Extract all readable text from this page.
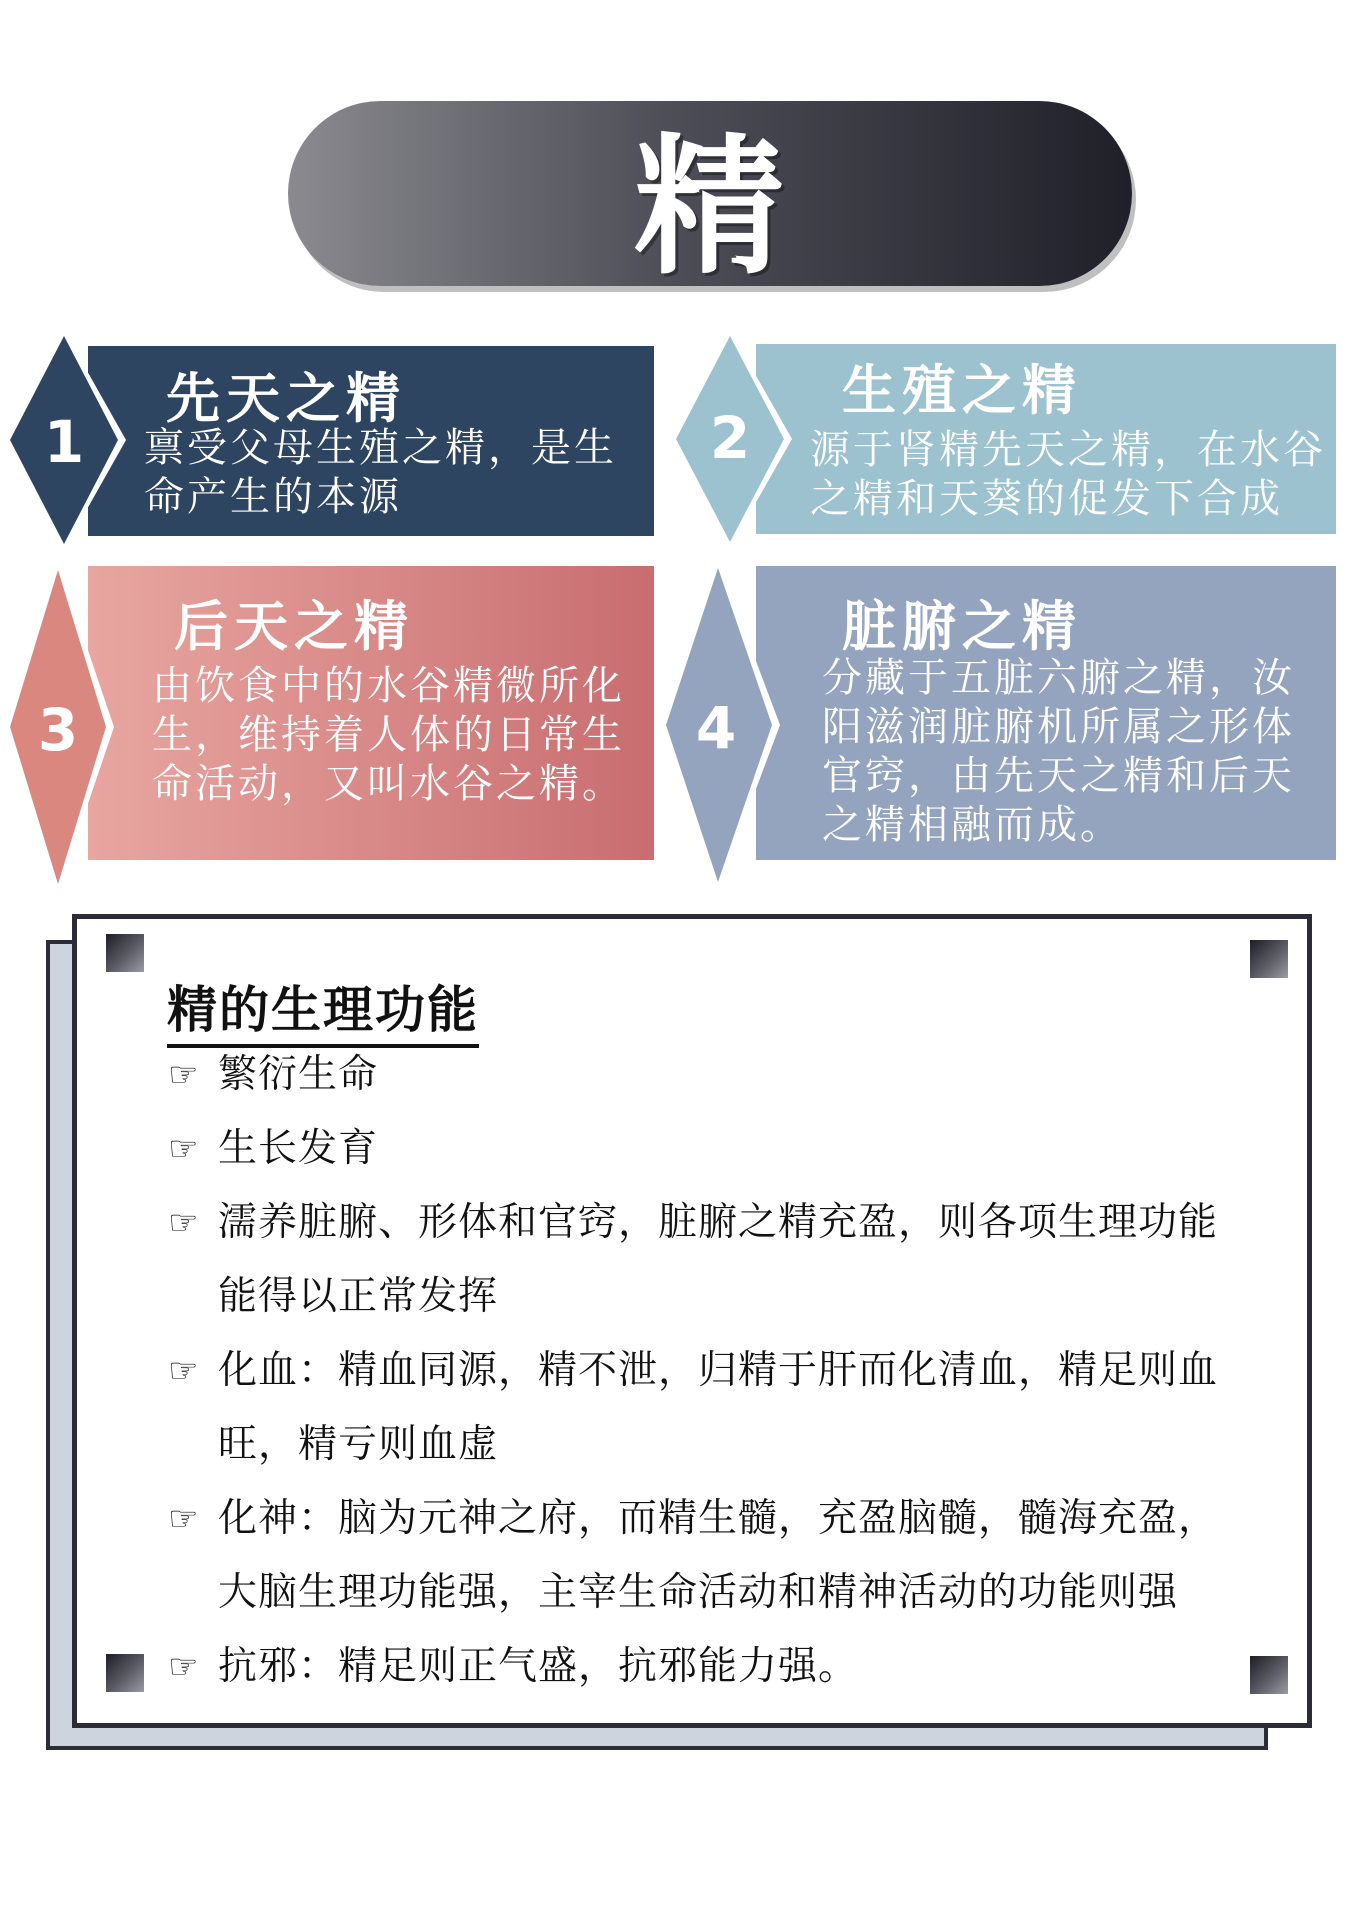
精
先天之精
禀受父母生殖之精，是生命产生的本源
1
生殖之精
源于肾精先天之精，在水谷之精和天葵的促发下合成
2
后天之精
由饮食中的水谷精微所化生，维持着人体的日常生命活动，又叫水谷之精。
3
脏腑之精
分藏于五脏六腑之精，汝阳滋润脏腑机所属之形体官窍，由先天之精和后天之精相融而成。
4
精的生理功能
☞ 繁衍生命
☞ 生长发育
☞ 濡养脏腑、形体和官窍，脏腑之精充盈，则各项生理功能能得以正常发挥
☞ 化血：精血同源，精不泄，归精于肝而化清血，精足则血旺，精亏则血虚
☞ 化神：脑为元神之府，而精生髓，充盈脑髓，髓海充盈，大脑生理功能强，主宰生命活动和精神活动的功能则强
☞ 抗邪：精足则正气盛，抗邪能力强。
